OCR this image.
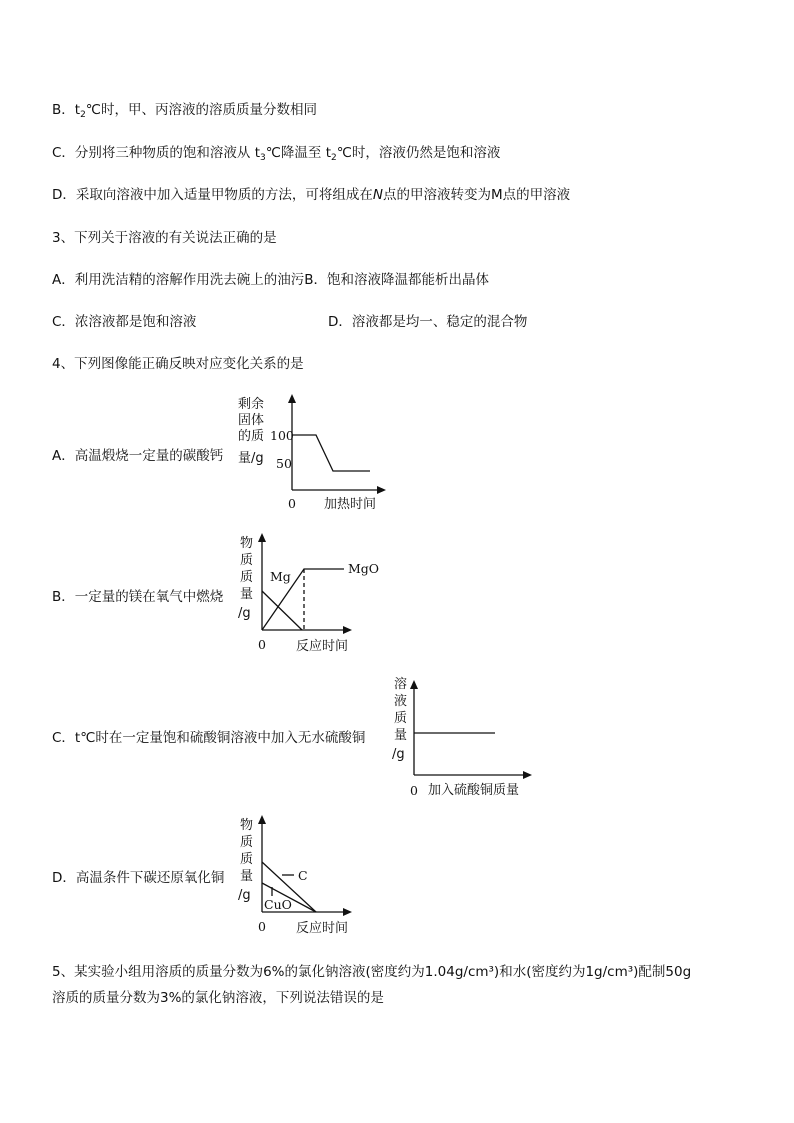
B．$t_2℃$时，甲、丙溶液的溶质质量分数相同
C．分别将三种物质的饱和溶液从 $t_3℃$降温至 $t_2℃$时，溶液仍然是饱和溶液
D．采取向溶液中加入适量甲物质的方法，可将组成在N点的甲溶液转变为M点的甲溶液
3、下列关于溶液的有关说法正确的是
A．利用洗洁精的溶解作用洗去碗上的油污B．饱和溶液降温都能析出晶体
C．浓溶液都是饱和溶液	D．溶液都是均一、稳定的混合物
4、下列图像能正确反映对应变化关系的是
A．高温煅烧一定量的碳酸钙
剩余
固体
的质
量/g
100
50
0 加热时间
B．一定量的镁在氧气中燃烧
物
质
质
量
/g
Mg
MgO
0 反应时间
C．t℃时在一定量饱和硫酸铜溶液中加入无水硫酸铜
溶
液
质
量
/g
0 加入硫酸铜质量
D．高温条件下碳还原氧化铜
物
质
质
量
/g
C
CuO
0 反应时间
5、某实验小组用溶质的质量分数为6%的氯化钠溶液(密度约为1.04g/cm³)和水(密度约为1g/cm³)配制50g
溶质的质量分数为3%的氯化钠溶液，下列说法错误的是
